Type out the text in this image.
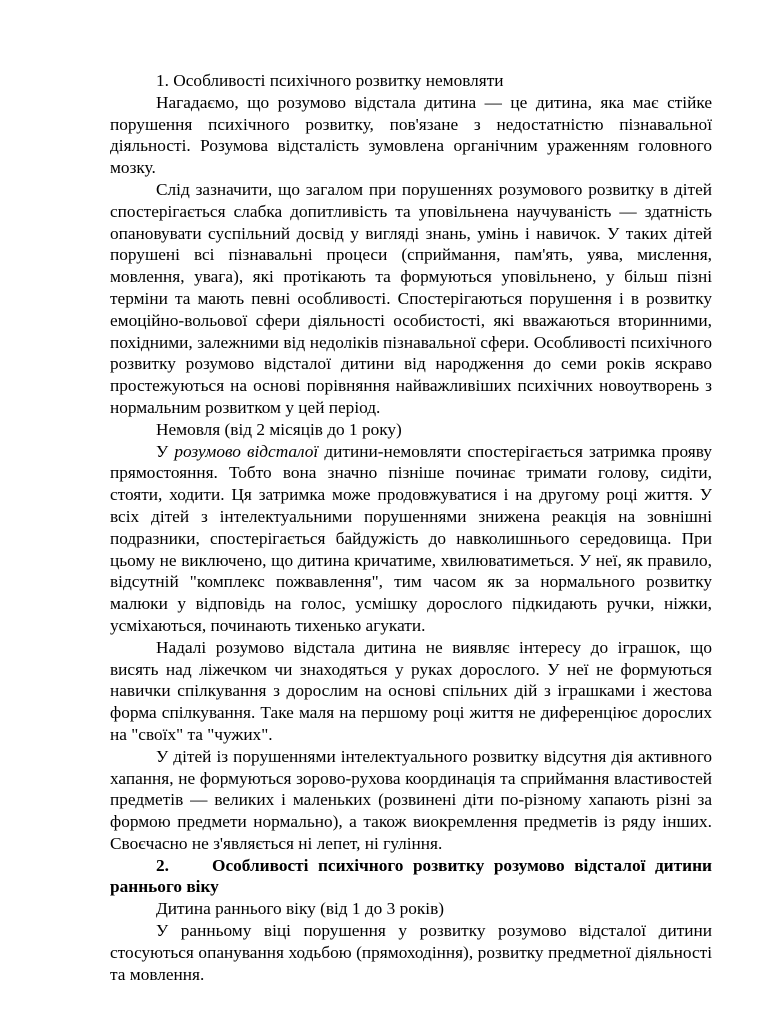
1. Особливості психічного розвитку немовляти

Нагадаємо, що розумово відстала дитина — це дитина, яка має стійке порушення психічного розвитку, пов'язане з недостатністю пізнавальної діяльності. Розумова відсталість зумовлена органічним ураженням головного мозку.

Слід зазначити, що загалом при порушеннях розумового розвитку в дітей спостерігається слабка допитливість та уповільнена научуваність — здатність опановувати суспільний досвід у вигляді знань, умінь і навичок. У таких дітей порушені всі пізнавальні процеси (сприймання, пам'ять, уява, мислення, мовлення, увага), які протікають та формуються уповільнено, у більш пізні терміни та мають певні особливості. Спостерігаються порушення і в розвитку емоційно-вольової сфери діяльності особистості, які вважаються вторинними, похідними, залежними від недоліків пізнавальної сфери. Особливості психічного розвитку розумово відсталої дитини від народження до семи років яскраво простежуються на основі порівняння найважливіших психічних новоутворень з нормальним розвитком у цей період.

Немовля (від 2 місяців до 1 року)

У розумово відсталої дитини-немовляти спостерігається затримка прояву прямостояння. Тобто вона значно пізніше починає тримати голову, сидіти, стояти, ходити. Ця затримка може продовжуватися і на другому році життя. У всіх дітей з інтелектуальними порушеннями знижена реакція на зовнішні подразники, спостерігається байдужість до навколишнього середовища. При цьому не виключено, що дитина кричатиме, хвилюватиметься. У неї, як правило, відсутній "комплекс пожвавлення", тим часом як за нормального розвитку малюки у відповідь на голос, усмішку дорослого підкидають ручки, ніжки, усміхаються, починають тихенько агукати.

Надалі розумово відстала дитина не виявляє інтересу до іграшок, що висять над ліжечком чи знаходяться у руках дорослого. У неї не формуються навички спілкування з дорослим на основі спільних дій з іграшками і жестова форма спілкування. Таке маля на першому році життя не диференціює дорослих на "своїх" та "чужих".

У дітей із порушеннями інтелектуального розвитку відсутня дія активного хапання, не формуються зорово-рухова координація та сприймання властивостей предметів — великих і маленьких (розвинені діти по-різному хапають різні за формою предмети нормально), а також виокремлення предметів із ряду інших. Своєчасно не з'являється ні лепет, ні гуління.

2. Особливості психічного розвитку розумово відсталої дитини раннього віку

Дитина раннього віку (від 1 до 3 років)

У ранньому віці порушення у розвитку розумово відсталої дитини стосуються опанування ходьбою (прямоходіння), розвитку предметної діяльності та мовлення.
